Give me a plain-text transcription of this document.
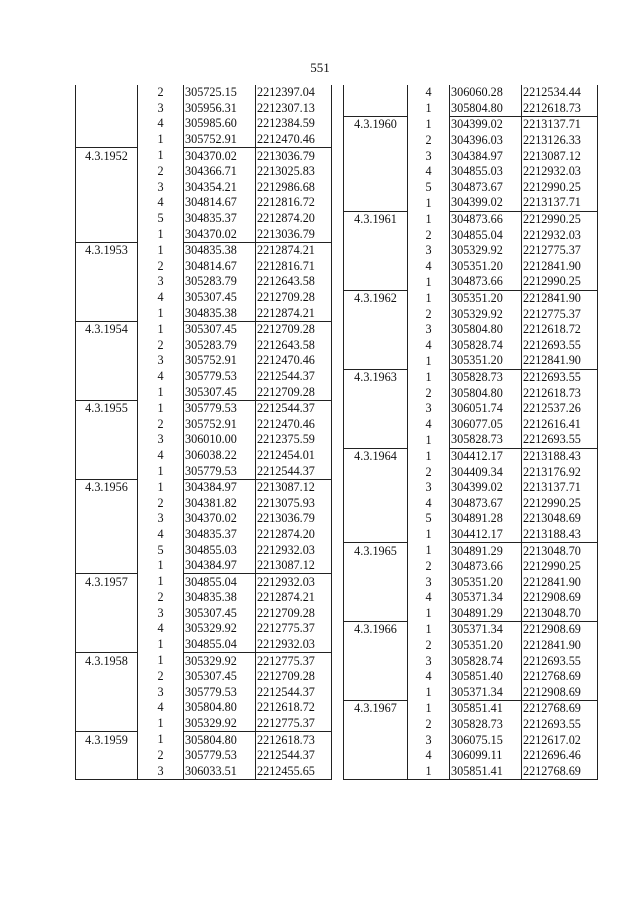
551
	2	305725.15	2212397.04
	3	305956.31	2212307.13
	4	305985.60	2212384.59
	1	305752.91	2212470.46
4.3.1952	1	304370.02	2213036.79
	2	304366.71	2213025.83
	3	304354.21	2212986.68
	4	304814.67	2212816.72
	5	304835.37	2212874.20
	1	304370.02	2213036.79
4.3.1953	1	304835.38	2212874.21
	2	304814.67	2212816.71
	3	305283.79	2212643.58
	4	305307.45	2212709.28
	1	304835.38	2212874.21
4.3.1954	1	305307.45	2212709.28
	2	305283.79	2212643.58
	3	305752.91	2212470.46
	4	305779.53	2212544.37
	1	305307.45	2212709.28
4.3.1955	1	305779.53	2212544.37
	2	305752.91	2212470.46
	3	306010.00	2212375.59
	4	306038.22	2212454.01
	1	305779.53	2212544.37
4.3.1956	1	304384.97	2213087.12
	2	304381.82	2213075.93
	3	304370.02	2213036.79
	4	304835.37	2212874.20
	5	304855.03	2212932.03
	1	304384.97	2213087.12
4.3.1957	1	304855.04	2212932.03
	2	304835.38	2212874.21
	3	305307.45	2212709.28
	4	305329.92	2212775.37
	1	304855.04	2212932.03
4.3.1958	1	305329.92	2212775.37
	2	305307.45	2212709.28
	3	305779.53	2212544.37
	4	305804.80	2212618.72
	1	305329.92	2212775.37
4.3.1959	1	305804.80	2212618.73
	2	305779.53	2212544.37
	3	306033.51	2212455.65
	4	306060.28	2212534.44
	1	305804.80	2212618.73
4.3.1960	1	304399.02	2213137.71
	2	304396.03	2213126.33
	3	304384.97	2213087.12
	4	304855.03	2212932.03
	5	304873.67	2212990.25
	1	304399.02	2213137.71
4.3.1961	1	304873.66	2212990.25
	2	304855.04	2212932.03
	3	305329.92	2212775.37
	4	305351.20	2212841.90
	1	304873.66	2212990.25
4.3.1962	1	305351.20	2212841.90
	2	305329.92	2212775.37
	3	305804.80	2212618.72
	4	305828.74	2212693.55
	1	305351.20	2212841.90
4.3.1963	1	305828.73	2212693.55
	2	305804.80	2212618.73
	3	306051.74	2212537.26
	4	306077.05	2212616.41
	1	305828.73	2212693.55
4.3.1964	1	304412.17	2213188.43
	2	304409.34	2213176.92
	3	304399.02	2213137.71
	4	304873.67	2212990.25
	5	304891.28	2213048.69
	1	304412.17	2213188.43
4.3.1965	1	304891.29	2213048.70
	2	304873.66	2212990.25
	3	305351.20	2212841.90
	4	305371.34	2212908.69
	1	304891.29	2213048.70
4.3.1966	1	305371.34	2212908.69
	2	305351.20	2212841.90
	3	305828.74	2212693.55
	4	305851.40	2212768.69
	1	305371.34	2212908.69
4.3.1967	1	305851.41	2212768.69
	2	305828.73	2212693.55
	3	306075.15	2212617.02
	4	306099.11	2212696.46
	1	305851.41	2212768.69
